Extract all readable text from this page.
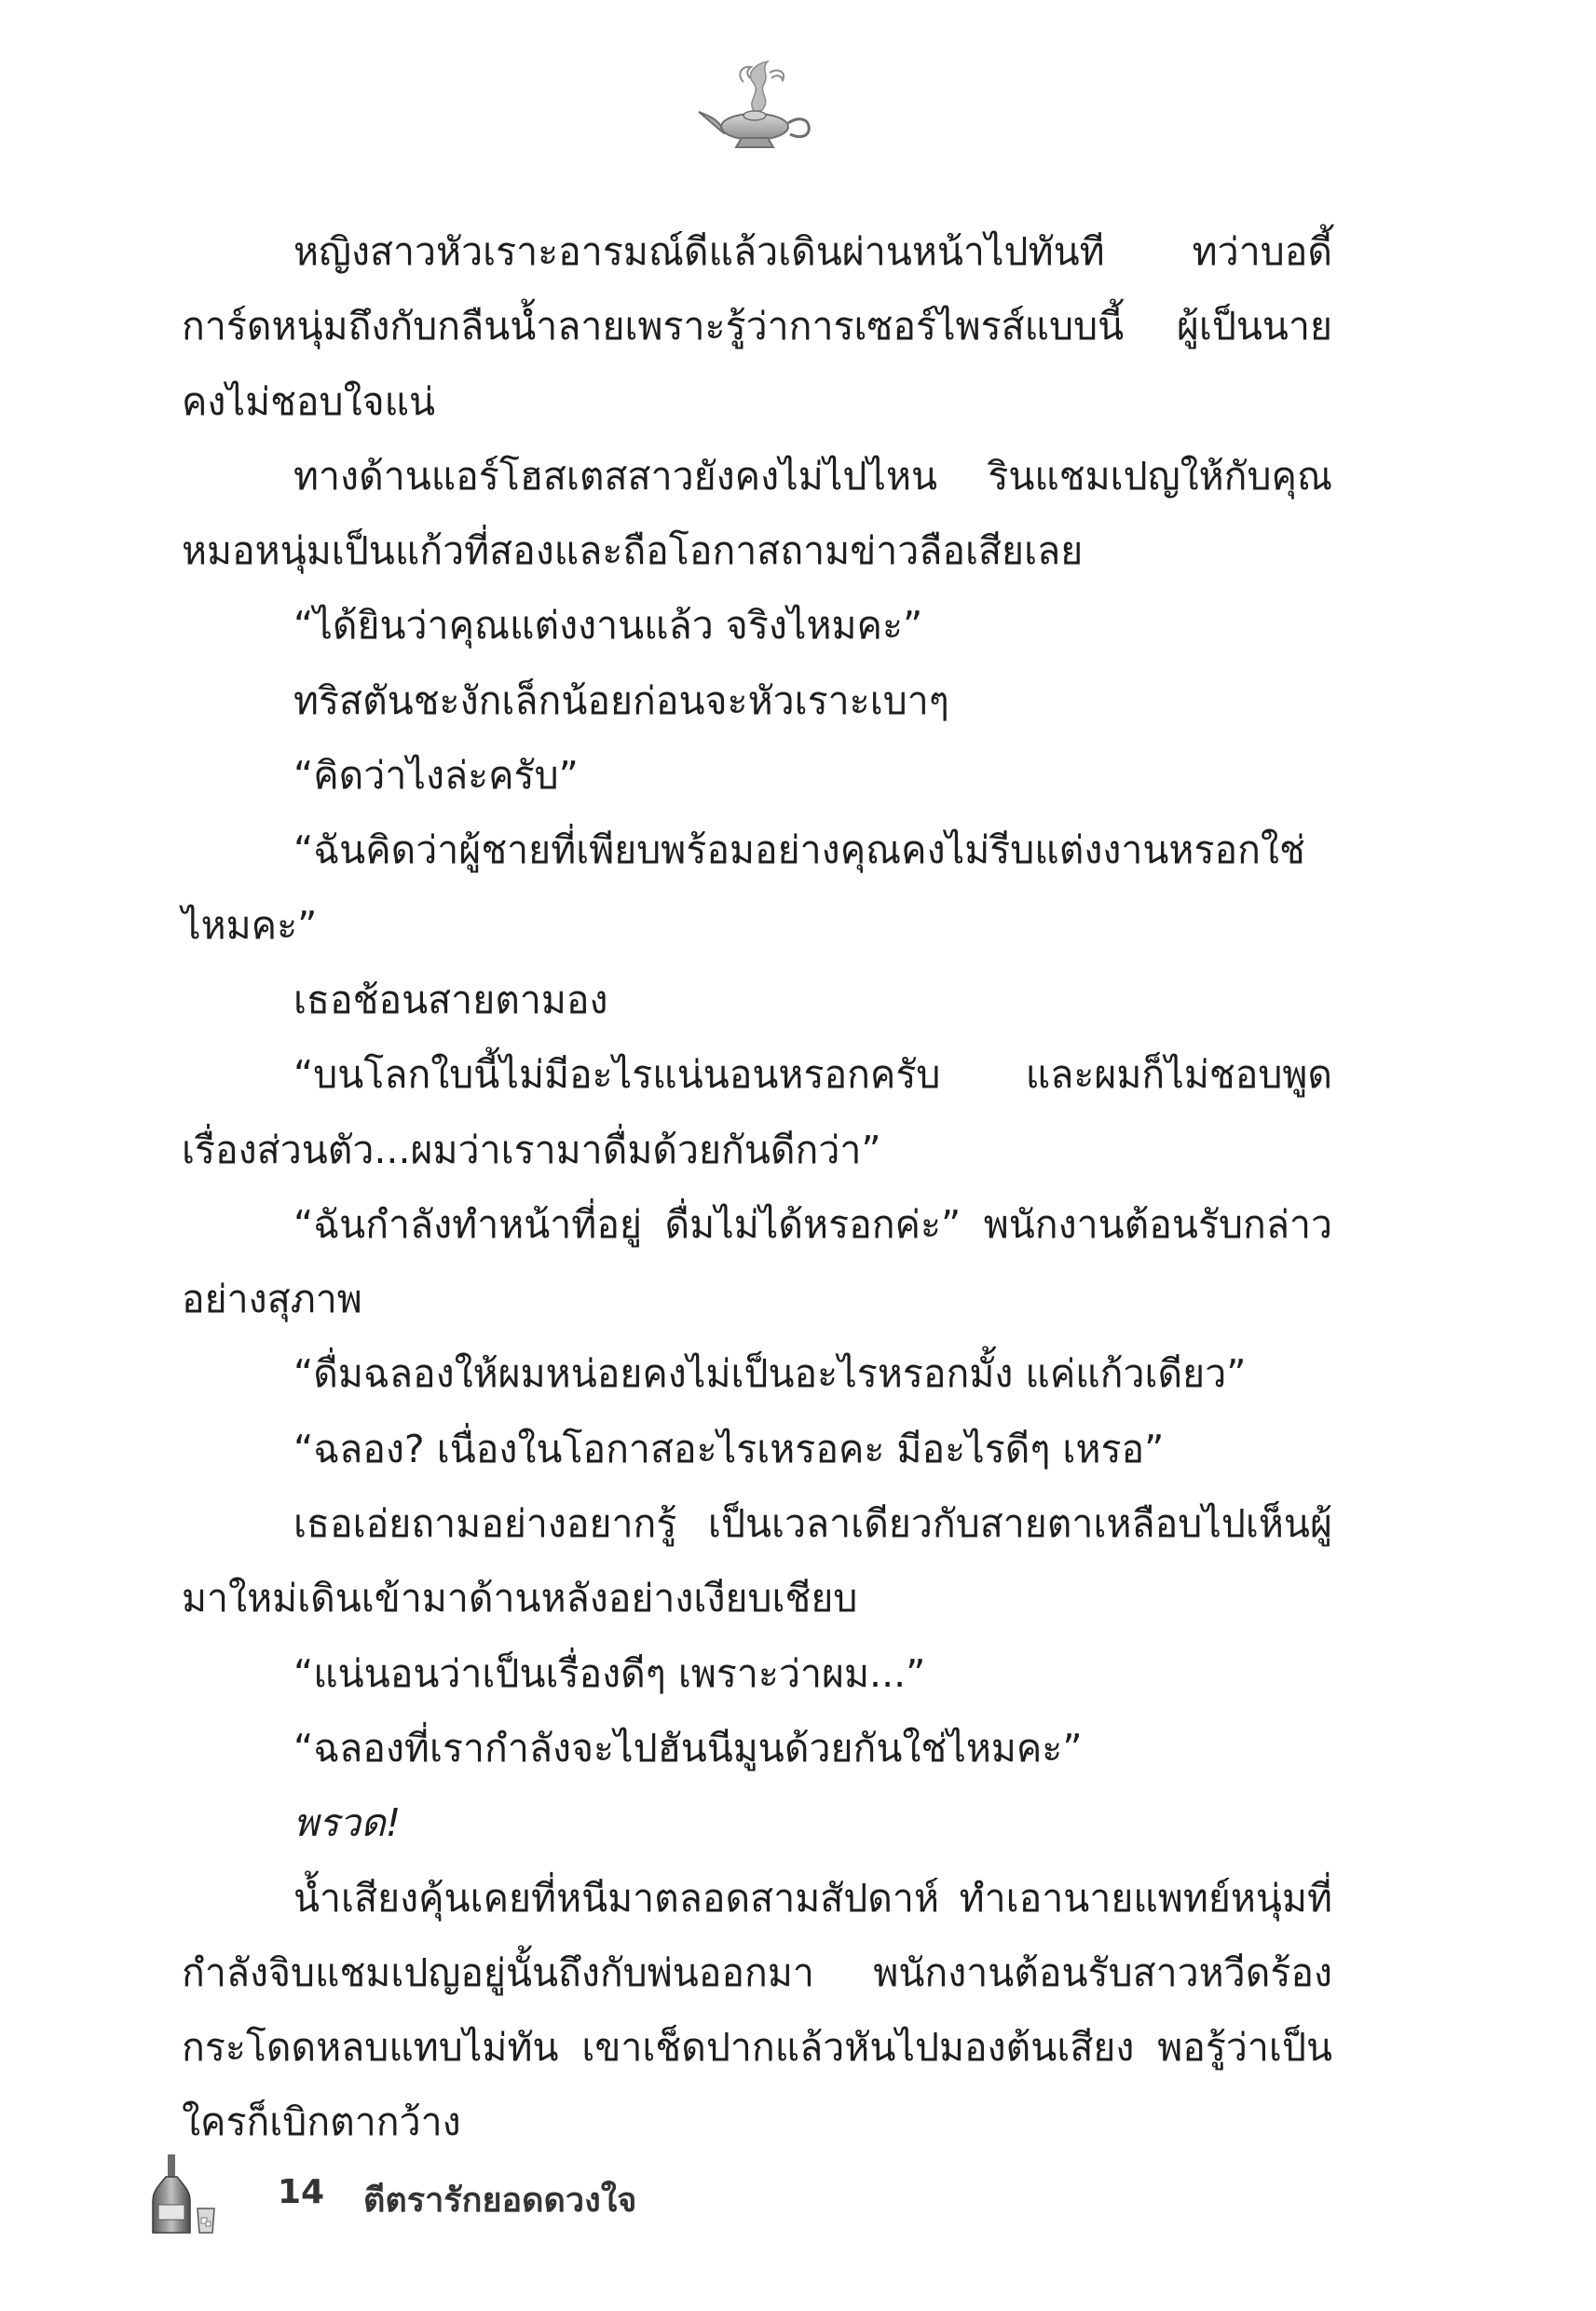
หญิงสาวหัวเราะอารมณ์ดีแล้วเดินผ่านหน้าไปทันที ทว่าบอดี้การ์ดหนุ่มถึงกับกลืนน้ำลายเพราะรู้ว่าการเซอร์ไพรส์แบบนี้ ผู้เป็นนายคงไม่ชอบใจแน่

ทางด้านแอร์โฮสเตสสาวยังคงไม่ไปไหน รินแชมเปญให้กับคุณหมอหนุ่มเป็นแก้วที่สองและถือโอกาสถามข่าวลือเสียเลย

“ได้ยินว่าคุณแต่งงานแล้ว จริงไหมคะ”

ทริสตันชะงักเล็กน้อยก่อนจะหัวเราะเบาๆ

“คิดว่าไงล่ะครับ”

“ฉันคิดว่าผู้ชายที่เพียบพร้อมอย่างคุณคงไม่รีบแต่งงานหรอกใช่ไหมคะ”

เธอช้อนสายตามอง

“บนโลกใบนี้ไม่มีอะไรแน่นอนหรอกครับ และผมก็ไม่ชอบพูดเรื่องส่วนตัว...ผมว่าเรามาดื่มด้วยกันดีกว่า”

“ฉันกำลังทำหน้าที่อยู่ ดื่มไม่ได้หรอกค่ะ” พนักงานต้อนรับกล่าวอย่างสุภาพ

“ดื่มฉลองให้ผมหน่อยคงไม่เป็นอะไรหรอกมั้ง แค่แก้วเดียว”

“ฉลอง? เนื่องในโอกาสอะไรเหรอคะ มีอะไรดีๆ เหรอ”

เธอเอ่ยถามอย่างอยากรู้ เป็นเวลาเดียวกับสายตาเหลือบไปเห็นผู้มาใหม่เดินเข้ามาด้านหลังอย่างเงียบเชียบ

“แน่นอนว่าเป็นเรื่องดีๆ เพราะว่าผม...”

“ฉลองที่เรากำลังจะไปฮันนีมูนด้วยกันใช่ไหมคะ”

พรวด!

น้ำเสียงคุ้นเคยที่หนีมาตลอดสามสัปดาห์ ทำเอานายแพทย์หนุ่มที่กำลังจิบแชมเปญอยู่นั้นถึงกับพ่นออกมา พนักงานต้อนรับสาวหวีดร้องกระโดดหลบแทบไม่ทัน เขาเช็ดปากแล้วหันไปมองต้นเสียง พอรู้ว่าเป็นใครก็เบิกตากว้าง

14 ตีตรารักยอดดวงใจ
